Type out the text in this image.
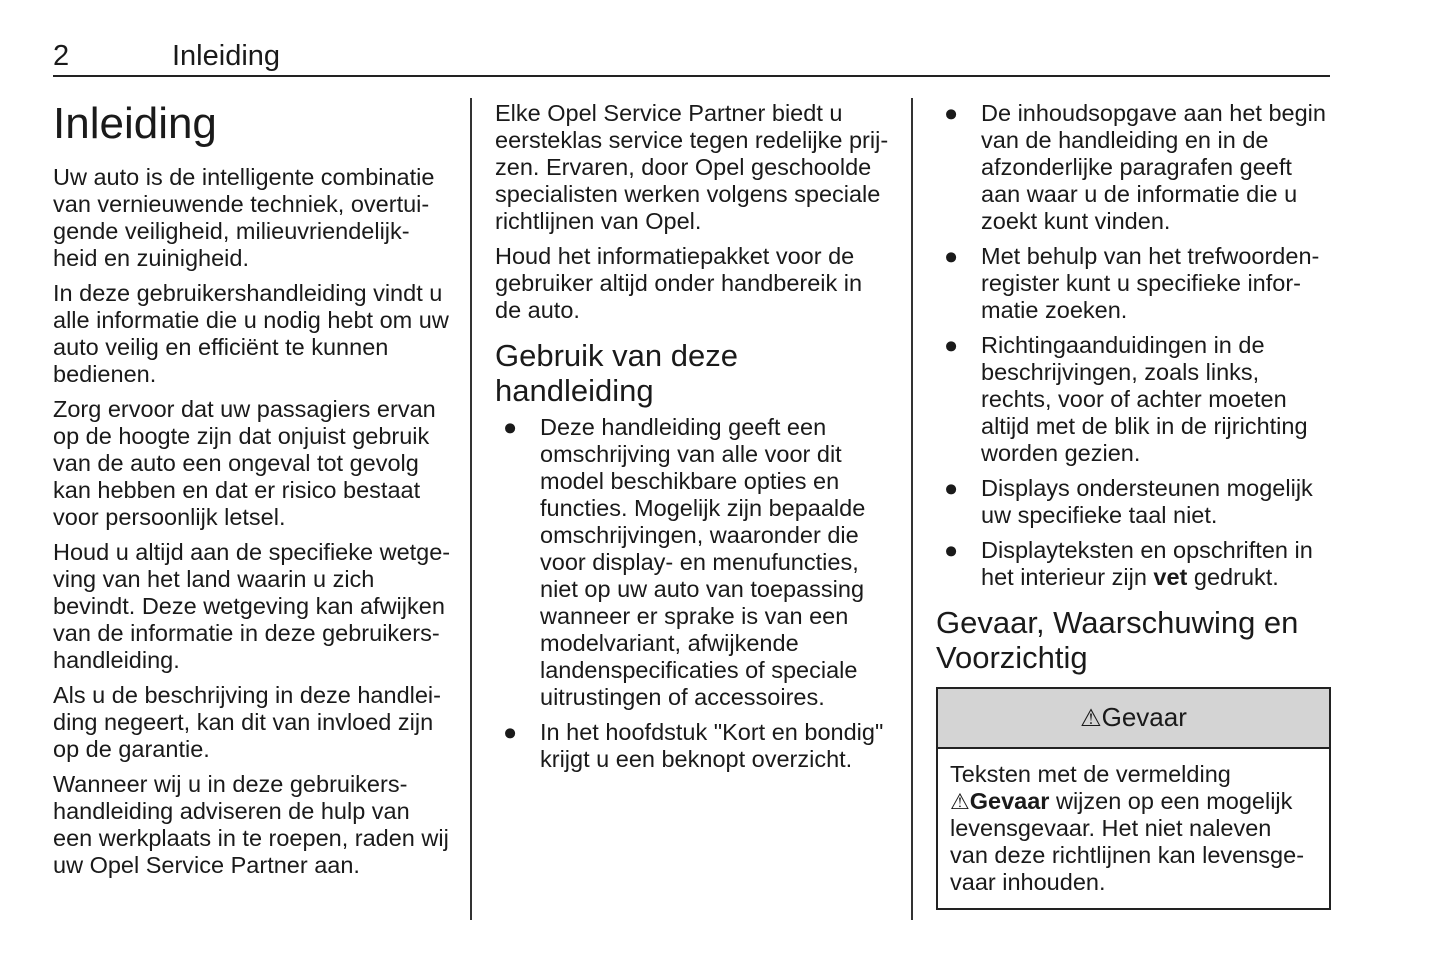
2	Inleiding
Inleiding

Uw auto is de intelligente combinatie
van vernieuwende techniek, overtui-
gende veiligheid, milieuvriendelijk-
heid en zuinigheid.

In deze gebruikershandleiding vindt u
alle informatie die u nodig hebt om uw
auto veilig en efficiënt te kunnen
bedienen.

Zorg ervoor dat uw passagiers ervan
op de hoogte zijn dat onjuist gebruik
van de auto een ongeval tot gevolg
kan hebben en dat er risico bestaat
voor persoonlijk letsel.

Houd u altijd aan de specifieke wetge-
ving van het land waarin u zich
bevindt. Deze wetgeving kan afwijken
van de informatie in deze gebruikers-
handleiding.

Als u de beschrijving in deze handlei-
ding negeert, kan dit van invloed zijn
op de garantie.

Wanneer wij u in deze gebruikers-
handleiding adviseren de hulp van
een werkplaats in te roepen, raden wij
uw Opel Service Partner aan.

Elke Opel Service Partner biedt u
eersteklas service tegen redelijke prij-
zen. Ervaren, door Opel geschoolde
specialisten werken volgens speciale
richtlijnen van Opel.

Houd het informatiepakket voor de
gebruiker altijd onder handbereik in
de auto.

Gebruik van deze
handleiding
● Deze handleiding geeft een
omschrijving van alle voor dit
model beschikbare opties en
functies. Mogelijk zijn bepaalde
omschrijvingen, waaronder die
voor display- en menufuncties,
niet op uw auto van toepassing
wanneer er sprake is van een
modelvariant, afwijkende
landenspecificaties of speciale
uitrustingen of accessoires.
● In het hoofdstuk "Kort en bondig"
krijgt u een beknopt overzicht.
● De inhoudsopgave aan het begin
van de handleiding en in de
afzonderlijke paragrafen geeft
aan waar u de informatie die u
zoekt kunt vinden.
● Met behulp van het trefwoorden-
register kunt u specifieke infor-
matie zoeken.
● Richtingaanduidingen in de
beschrijvingen, zoals links,
rechts, voor of achter moeten
altijd met de blik in de rijrichting
worden gezien.
● Displays ondersteunen mogelijk
uw specifieke taal niet.
● Displayteksten en opschriften in
het interieur zijn vet gedrukt.
Gevaar, Waarschuwing en
Voorzichtig
⚠Gevaar
Teksten met de vermelding
⚠Gevaar wijzen op een mogelijk
levensgevaar. Het niet naleven
van deze richtlijnen kan levensge-
vaar inhouden.
